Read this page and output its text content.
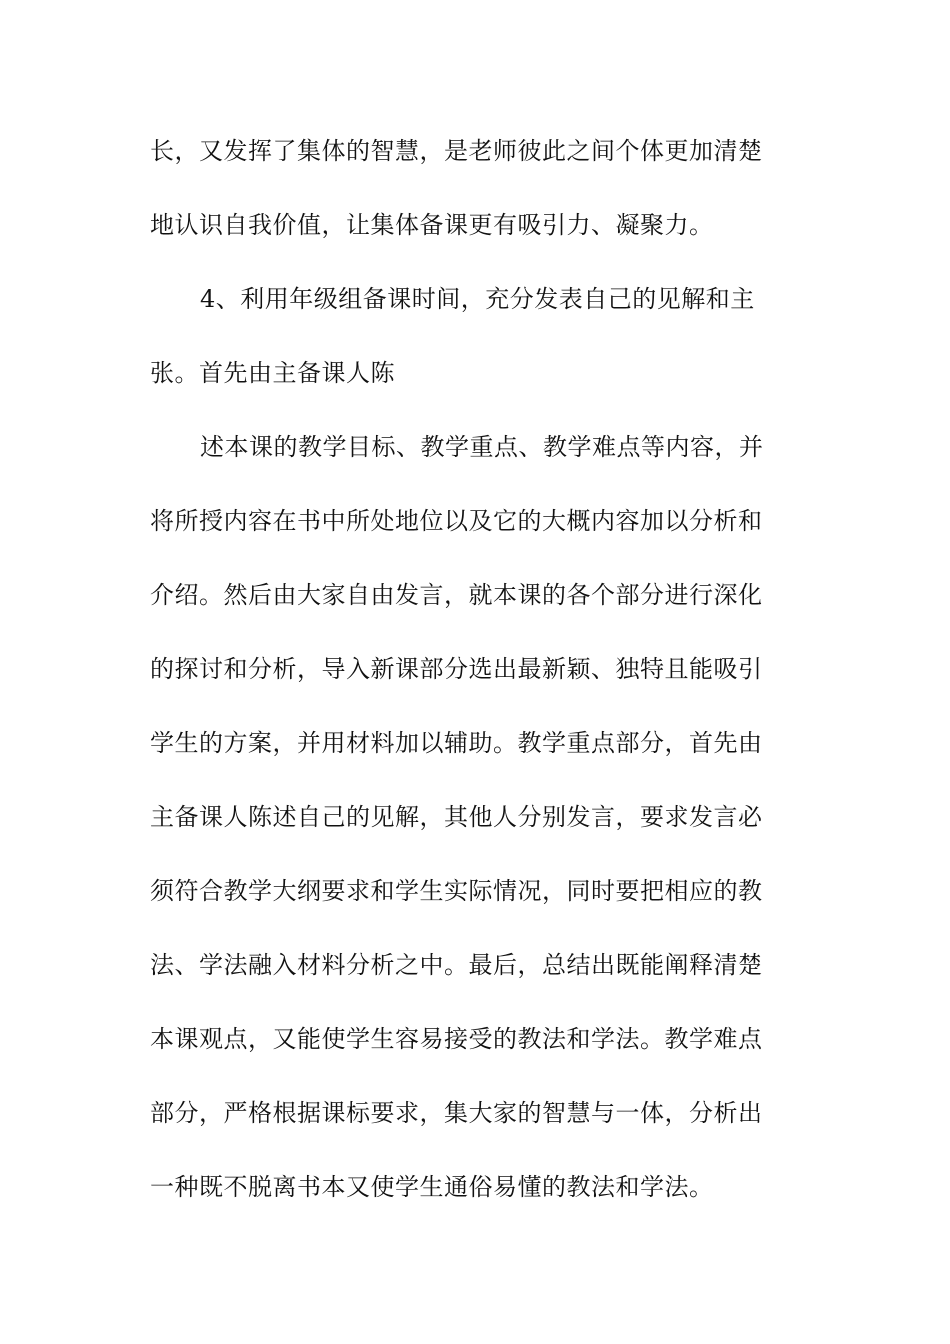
长，又发挥了集体的智慧，是老师彼此之间个体更加清楚
地认识自我价值，让集体备课更有吸引力、凝聚力。
4、利用年级组备课时间，充分发表自己的见解和主
张。首先由主备课人陈
述本课的教学目标、教学重点、教学难点等内容，并
将所授内容在书中所处地位以及它的大概内容加以分析和
介绍。然后由大家自由发言，就本课的各个部分进行深化
的探讨和分析，导入新课部分选出最新颖、独特且能吸引
学生的方案，并用材料加以辅助。教学重点部分，首先由
主备课人陈述自己的见解，其他人分别发言，要求发言必
须符合教学大纲要求和学生实际情况，同时要把相应的教
法、学法融入材料分析之中。最后，总结出既能阐释清楚
本课观点，又能使学生容易接受的教法和学法。教学难点
部分，严格根据课标要求，集大家的智慧与一体，分析出
一种既不脱离书本又使学生通俗易懂的教法和学法。
